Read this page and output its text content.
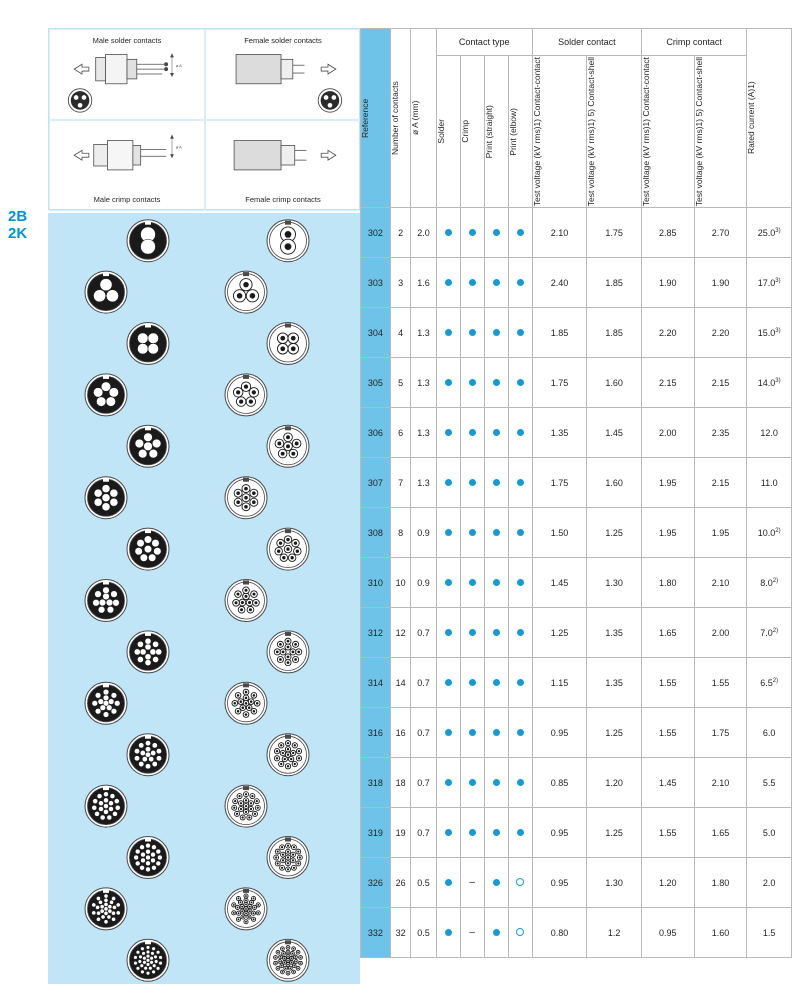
2B
2K
Male solder contacts
ø A
Female solder contacts
Male crimp contacts
ø A
Female crimp contacts
Reference	Number of contacts	ø A (mm)	Contact type				Solder contact		Crimp contact		Rated current (A)1)

			Solder	Crimp	Print (straight)	Print (elbow)	Test voltage (kV rms)1) Contact-contact	Test voltage (kV rms)1) 5) Contact-shell	Test voltage (kV rms)1) Contact-contact	Test voltage (kV rms)1) 5) Contact-shell	

302	2	2.0					2.10	1.75	2.85	2.70	25.0$^{3)}$
303	3	1.6					2.40	1.85	1.90	1.90	17.0$^{3)}$
304	4	1.3					1.85	1.85	2.20	2.20	15.0$^{3)}$
305	5	1.3					1.75	1.60	2.15	2.15	14.0$^{3)}$
306	6	1.3					1.35	1.45	2.00	2.35	12.0
307	7	1.3					1.75	1.60	1.95	2.15	11.0
308	8	0.9					1.50	1.25	1.95	1.95	10.0$^{2)}$
310	10	0.9					1.45	1.30	1.80	2.10	8.0$^{2)}$
312	12	0.7					1.25	1.35	1.65	2.00	7.0$^{2)}$
314	14	0.7					1.15	1.35	1.55	1.55	6.5$^{2)}$
316	16	0.7					0.95	1.25	1.55	1.75	6.0
318	18	0.7					0.85	1.20	1.45	2.10	5.5
319	19	0.7					0.95	1.25	1.55	1.65	5.0
326	26	0.5		–			0.95	1.30	1.20	1.80	2.0
332	32	0.5		–			0.80	1.2	0.95	1.60	1.5
